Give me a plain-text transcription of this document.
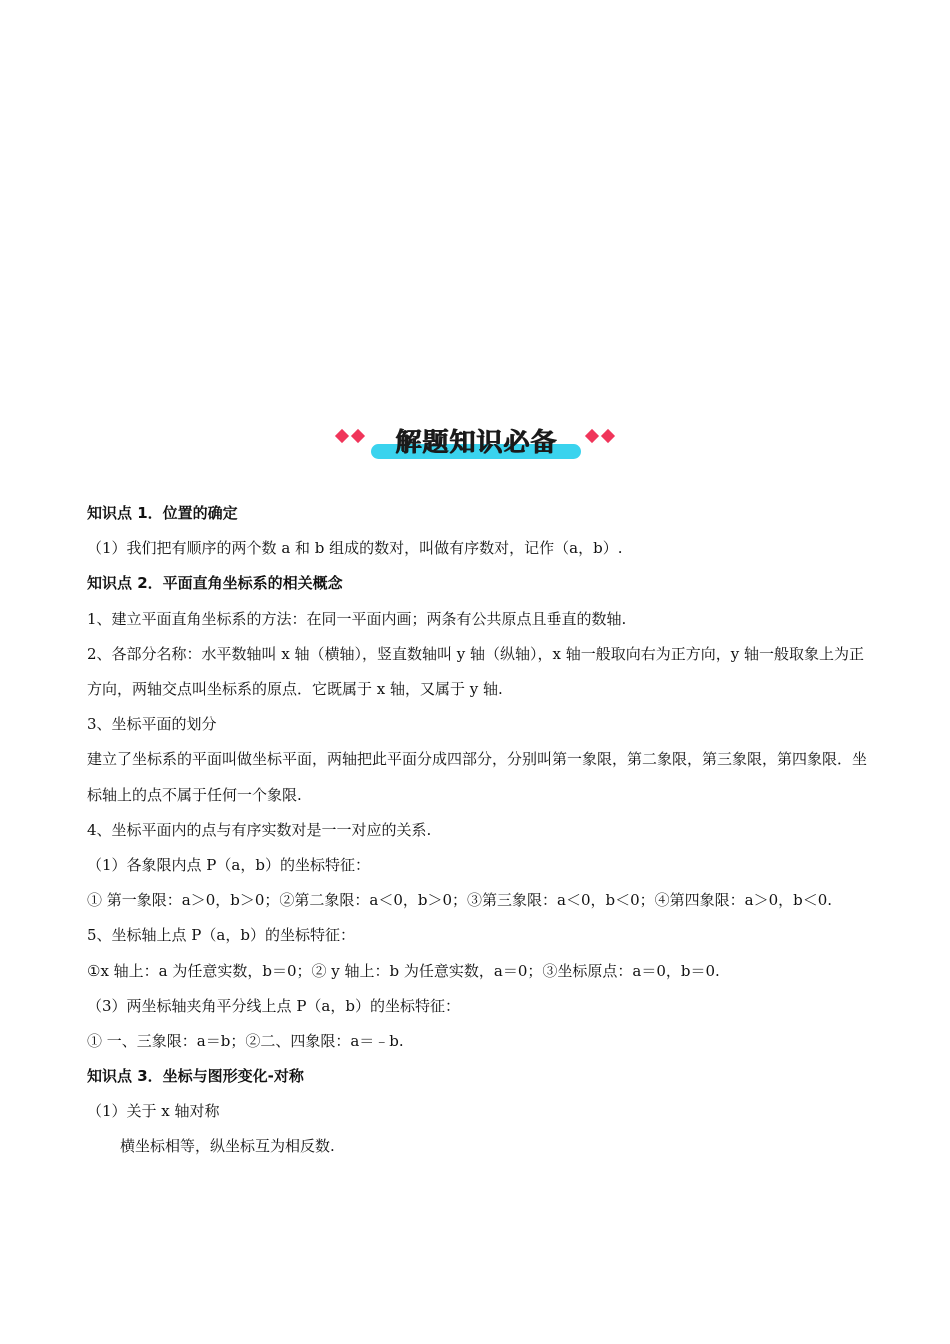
解题知识必备
知识点 1．位置的确定
（1）我们把有顺序的两个数 a 和 b 组成的数对，叫做有序数对，记作（a，b）.
知识点 2．平面直角坐标系的相关概念
1、建立平面直角坐标系的方法：在同一平面内画；两条有公共原点且垂直的数轴.
2、各部分名称：水平数轴叫 x 轴（横轴），竖直数轴叫 y 轴（纵轴），x 轴一般取向右为正方向，y 轴一般取象上为正方向，两轴交点叫坐标系的原点．它既属于 x 轴，又属于 y 轴.
3、坐标平面的划分
建立了坐标系的平面叫做坐标平面，两轴把此平面分成四部分，分别叫第一象限，第二象限，第三象限，第四象限．坐标轴上的点不属于任何一个象限.
4、坐标平面内的点与有序实数对是一一对应的关系.
（1）各象限内点 P（a，b）的坐标特征：
① 第一象限：a＞0，b＞0；②第二象限：a＜0，b＞0；③第三象限：a＜0，b＜0；④第四象限：a＞0，b＜0.
5、坐标轴上点 P（a，b）的坐标特征：
①x 轴上：a 为任意实数，b＝0；② y 轴上：b 为任意实数，a＝0；③坐标原点：a＝0，b＝0.
（3）两坐标轴夹角平分线上点 P（a，b）的坐标特征：
① 一、三象限：a＝b；②二、四象限：a＝﹣b.
知识点 3．坐标与图形变化-对称
（1）关于 x 轴对称
横坐标相等，纵坐标互为相反数.
